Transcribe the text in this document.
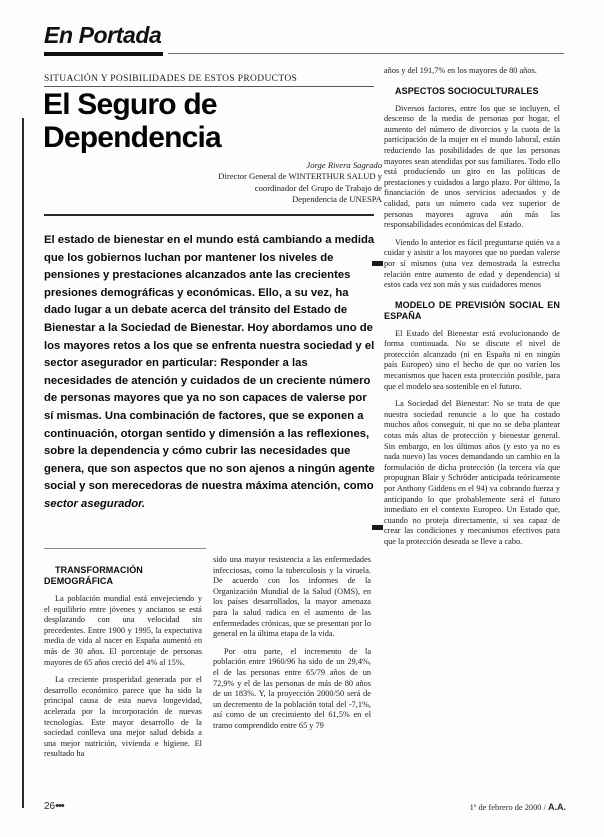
En Portada
SITUACIÓN Y POSIBILIDADES DE ESTOS PRODUCTOS
El Seguro de Dependencia
Jorge Rivera Sagrado
Director General de WINTERTHUR SALUD y
coordinador del Grupo de Trabajo de
Dependencia de UNESPA
El estado de bienestar en el mundo está cambiando a medida que los gobiernos luchan por mantener los niveles de pensiones y prestaciones alcanzados ante las crecientes presiones demográficas y económicas. Ello, a su vez, ha dado lugar a un debate acerca del tránsito del Estado de Bienestar a la Sociedad de Bienestar. Hoy abordamos uno de los mayores retos a los que se enfrenta nuestra sociedad y el sector asegurador en particular: Responder a las necesidades de atención y cuidados de un creciente número de personas mayores que ya no son capaces de valerse por sí mismas. Una combinación de factores, que se exponen a continuación, otorgan sentido y dimensión a las reflexiones, sobre la dependencia y cómo cubrir las necesidades que genera, que son aspectos que no son ajenos a ningún agente social y son merecedoras de nuestra máxima atención, como sector asegurador.

TRANSFORMACIÓN DEMOGRÁFICA

La población mundial está envejeciendo y el equilibrio entre jóvenes y ancianos se está desplazando con una velocidad sin precedentes. Entre 1900 y 1995, la expectativa media de vida al nacer en España aumentó en más de 30 años. El porcentaje de personas mayores de 65 años creció del 4% al 15%.

La creciente prosperidad generada por el desarrollo económico parece que ha sido la principal causa de esta nueva longevidad, acelerada por la incorporación de nuevas tecnologías. Este mayor desarrollo de la sociedad conlleva una mejor salud debida a una mejor nutrición, vivienda e higiene. El resultado ha

sido una mayor resistencia a las enfermedades infecciosas, como la tuberculosis y la viruela. De acuerdo con los informes de la Organización Mundial de la Salud (OMS), en los países desarrollados, la mayor amenaza para la salud radica en el aumento de las enfermedades crónicas, que se presentan por lo general en la última etapa de la vida.

Por otra parte, el incremento de la población entre 1960/96 ha sido de un 29,4%, el de las personas entre 65/79 años de un 72,9% y el de las personas de más de 80 años de un 183%. Y, la proyección 2000/50 será de un decremento de la población total del -7,1%, así como de un crecimiento del 61,5% en el tramo comprendido entre 65 y 79

años y del 191,7% en los mayores de 80 años.

ASPECTOS SOCIOCULTURALES

Diversos factores, entre los que se incluyen, el descenso de la media de personas por hogar, el aumento del número de divorcios y la cuota de la participación de la mujer en el mundo laboral, están reduciendo las posibilidades de que las personas mayores sean atendidas por sus familiares. Todo ello está produciendo un giro en las políticas de prestaciones y cuidados a largo plazo. Por último, la financiación de unos servicios adecuados y de calidad, para un número cada vez superior de personas mayores agrava aún más las responsabilidades económicas del Estado.

Viendo lo anterior es fácil preguntarse quién va a cuidar y asistir a los mayores que no puedan valerse por sí mismos (una vez demostrada la estrecha relación entre aumento de edad y dependencia) si estos cada vez son más y sus cuidadores menos

MODELO DE PREVISIÓN SOCIAL EN ESPAÑA

El Estado del Bienestar está evolucionando de forma continuada. No se discute el nivel de protección alcanzado (ni en España ni en ningún país Europeo) sino el hecho de que no varíen los mecanismos que hacen esta protección posible, para que el modelo sea sostenible en el futuro.

La Sociedad del Bienestar: No se trata de que nuestra sociedad renuncie a lo que ha costado muchos años conseguir, ni que no se deba plantear cotas más altas de protección y bienestar general. Sin embargo, en los últimos años (y esto ya no es nada nuevo) las voces demandando un cambio en la formulación de dicha protección (la tercera vía que propugnan Blair y Schröder anticipada teóricamente por Anthony Giddens en el 94) va cobrando fuerza y anticipando lo que probablemente será el futuro inmediato en el contexto Europeo. Un Estado que, cuando no proteja directamente, sí sea capaz de crear las condiciones y mecanismos efectivos para que la protección deseada se lleve a cabo.

26•••	1º de febrero de 2000 / A.A.
